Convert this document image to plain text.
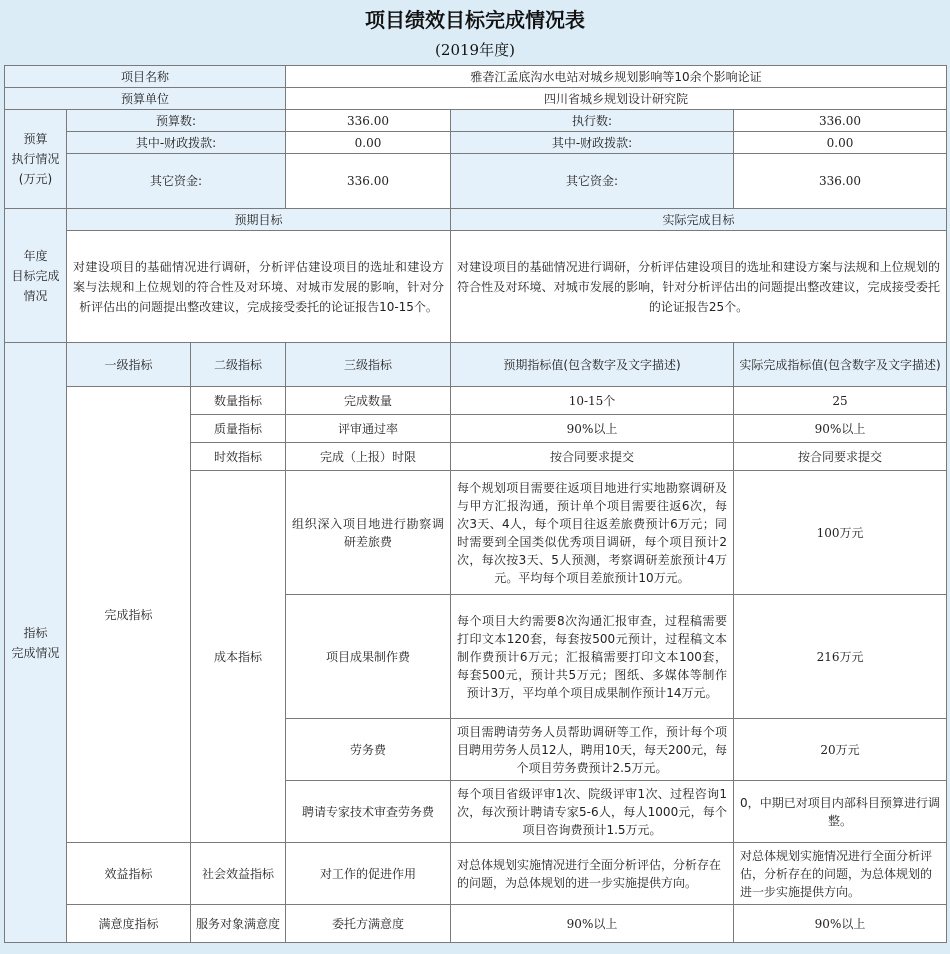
项目绩效目标完成情况表
(2019年度)
项目名称			雅砻江孟底沟水电站对城乡规划影响等10余个影响论证		
预算单位			四川省城乡规划设计研究院		
预算
执行情况
(万元)	预算数:		336.00	执行数:	336.00
	其中-财政拨款:		0.00	其中-财政拨款:	0.00
	其它资金:		336.00	其它资金:	336.00
年度
目标完成
情况	预期目标			实际完成目标	
	对建设项目的基础情况进行调研，分析评估建设项目的选址和建设方案与法规和上位规划的符合性及对环境、对城市发展的影响，针对分析评估出的问题提出整改建议，完成接受委托的论证报告10-15个。			对建设项目的基础情况进行调研，分析评估建设项目的选址和建设方案与法规和上位规划的符合性及对环境、对城市发展的影响，针对分析评估出的问题提出整改建议，完成接受委托的论证报告25个。	
指标
完成情况	一级指标	二级指标	三级指标	预期指标值(包含数字及文字描述)	实际完成指标值(包含数字及文字描述)
	完成指标	数量指标	完成数量	10-15个	25
		质量指标	评审通过率	90%以上	90%以上
		时效指标	完成（上报）时限	按合同要求提交	按合同要求提交
		成本指标	组织深入项目地进行勘察调研差旅费	每个规划项目需要往返项目地进行实地勘察调研及与甲方汇报沟通，预计单个项目需要往返6次，每次3天、4人，每个项目往返差旅费预计6万元；同时需要到全国类似优秀项目调研，每个项目预计2次，每次按3天、5人预测，考察调研差旅预计4万元。平均每个项目差旅预计10万元。	100万元
			项目成果制作费	每个项目大约需要8次沟通汇报审查，过程稿需要打印文本120套，每套按500元预计，过程稿文本制作费预计6万元；汇报稿需要打印文本100套，每套500元，预计共5万元；图纸、多媒体等制作预计3万，平均单个项目成果制作预计14万元。	216万元
			劳务费	项目需聘请劳务人员帮助调研等工作，预计每个项目聘用劳务人员12人，聘用10天，每天200元，每个项目劳务费预计2.5万元。	20万元
			聘请专家技术审查劳务费	每个项目省级评审1次、院级评审1次、过程咨询1次，每次预计聘请专家5-6人，每人1000元，每个项目咨询费预计1.5万元。	0，中期已对项目内部科目预算进行调整。
	效益指标	社会效益指标	对工作的促进作用	对总体规划实施情况进行全面分析评估，分析存在的问题，为总体规划的进一步实施提供方向。	对总体规划实施情况进行全面分析评估，分析存在的问题，为总体规划的进一步实施提供方向。
	满意度指标	服务对象满意度	委托方满意度	90%以上	90%以上
